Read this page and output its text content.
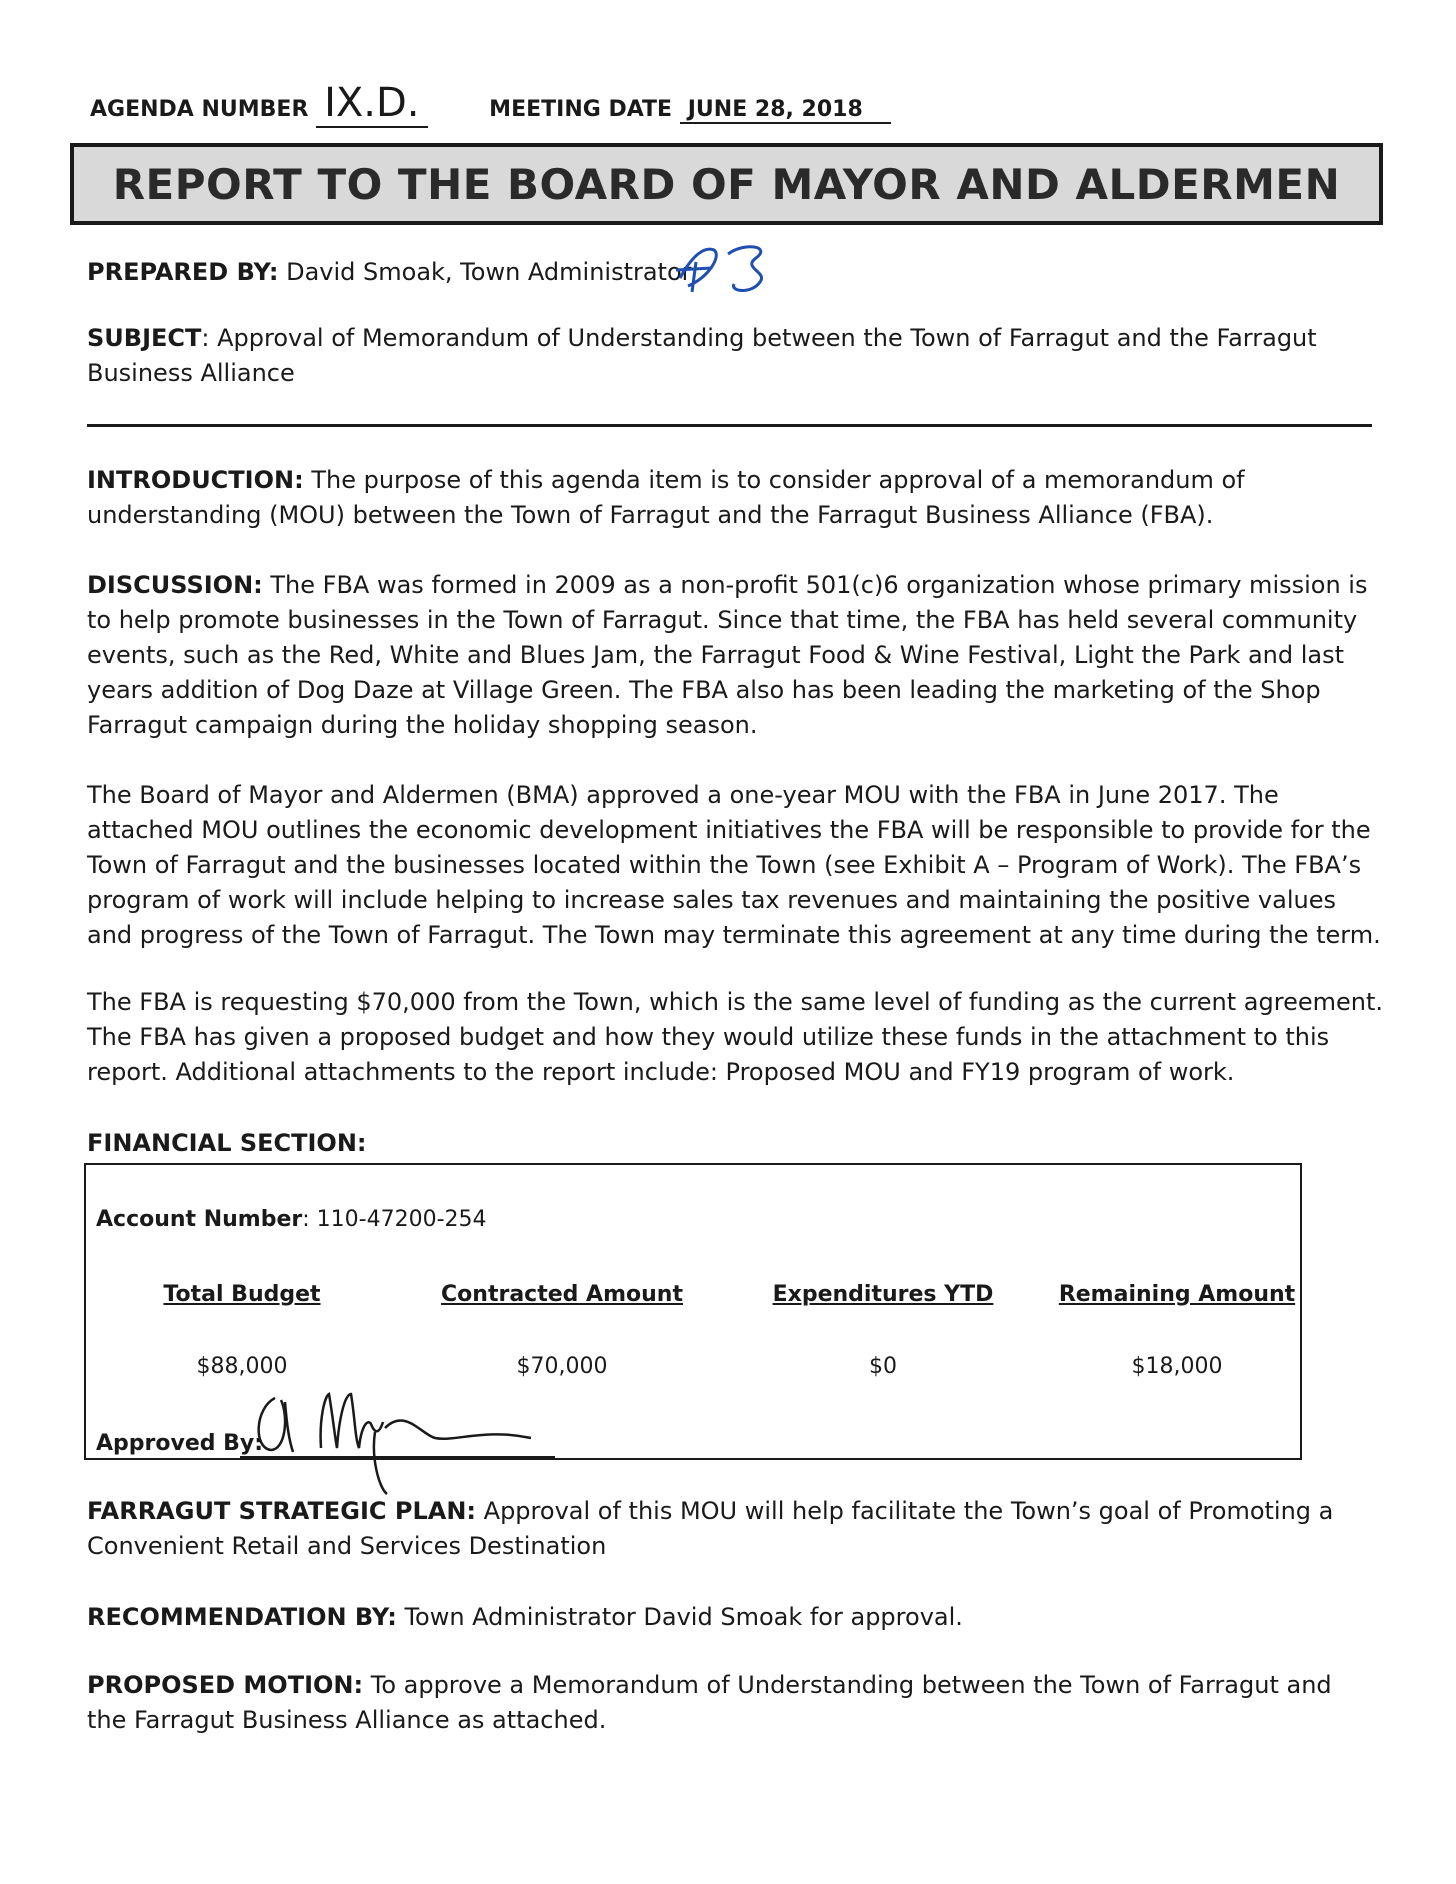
AGENDA NUMBER IX.D.	MEETING DATE JUNE 28, 2018
REPORT TO THE BOARD OF MAYOR AND ALDERMEN
PREPARED BY: David Smoak, Town Administrator
SUBJECT: Approval of Memorandum of Understanding between the Town of Farragut and the Farragut Business Alliance
INTRODUCTION: The purpose of this agenda item is to consider approval of a memorandum of understanding (MOU) between the Town of Farragut and the Farragut Business Alliance (FBA).
DISCUSSION: The FBA was formed in 2009 as a non-profit 501(c)6 organization whose primary mission is to help promote businesses in the Town of Farragut. Since that time, the FBA has held several community events, such as the Red, White and Blues Jam, the Farragut Food & Wine Festival, Light the Park and last years addition of Dog Daze at Village Green. The FBA also has been leading the marketing of the Shop Farragut campaign during the holiday shopping season.
The Board of Mayor and Aldermen (BMA) approved a one-year MOU with the FBA in June 2017. The attached MOU outlines the economic development initiatives the FBA will be responsible to provide for the Town of Farragut and the businesses located within the Town (see Exhibit A – Program of Work). The FBA’s program of work will include helping to increase sales tax revenues and maintaining the positive values and progress of the Town of Farragut. The Town may terminate this agreement at any time during the term.
The FBA is requesting $70,000 from the Town, which is the same level of funding as the current agreement. The FBA has given a proposed budget and how they would utilize these funds in the attachment to this report. Additional attachments to the report include: Proposed MOU and FY19 program of work.
FINANCIAL SECTION:
Account Number: 110-47200-254
Total Budget	Contracted Amount	Expenditures YTD	Remaining Amount
$88,000	$70,000	$0	$18,000
Approved By:
FARRAGUT STRATEGIC PLAN: Approval of this MOU will help facilitate the Town’s goal of Promoting a Convenient Retail and Services Destination
RECOMMENDATION BY: Town Administrator David Smoak for approval.
PROPOSED MOTION: To approve a Memorandum of Understanding between the Town of Farragut and the Farragut Business Alliance as attached.
